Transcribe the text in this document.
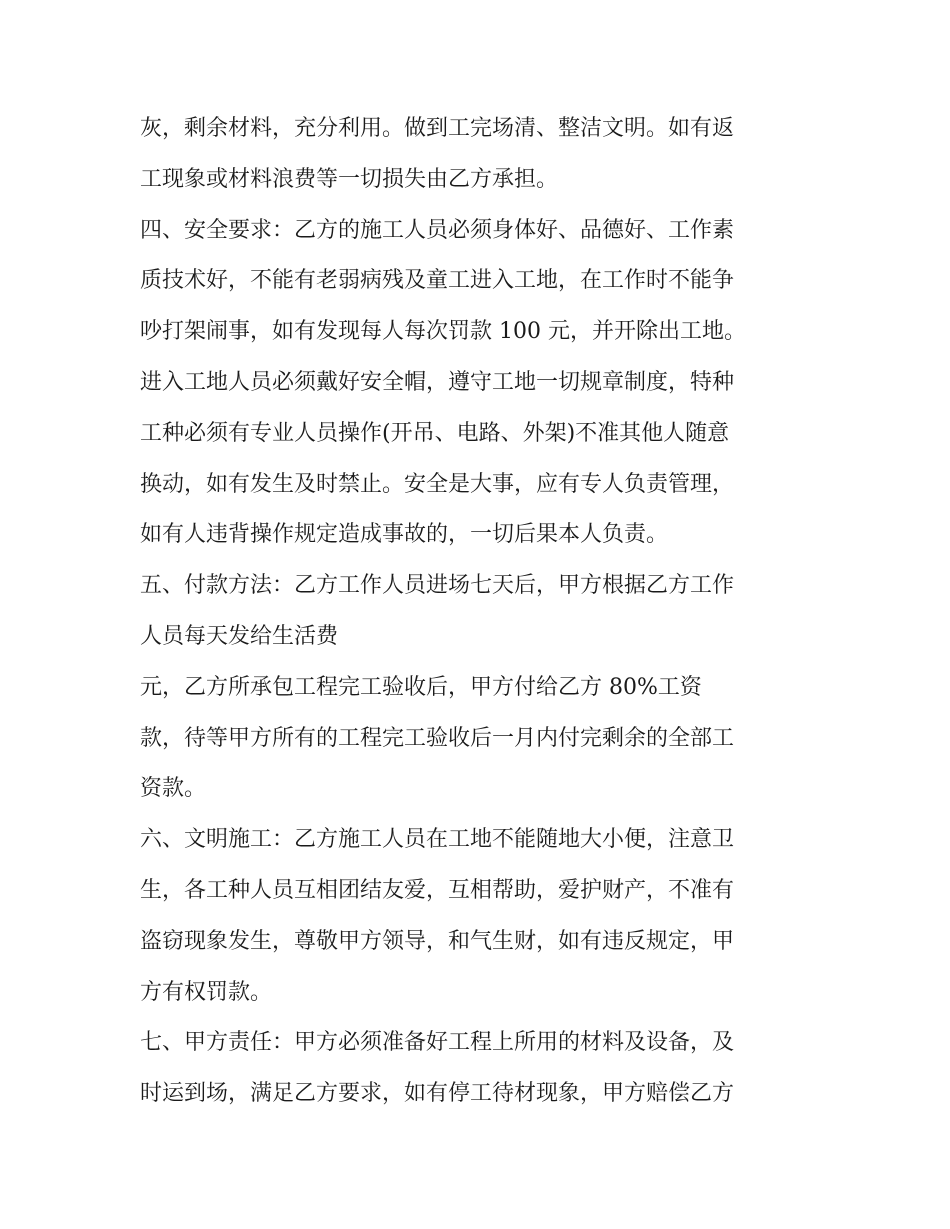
灰，剩余材料，充分利用。做到工完场清、整洁文明。如有返
工现象或材料浪费等一切损失由乙方承担。
四、安全要求：乙方的施工人员必须身体好、品德好、工作素
质技术好，不能有老弱病残及童工进入工地，在工作时不能争
吵打架闹事，如有发现每人每次罚款 100 元，并开除出工地。
进入工地人员必须戴好安全帽，遵守工地一切规章制度，特种
工种必须有专业人员操作(开吊、电路、外架)不准其他人随意
换动，如有发生及时禁止。安全是大事，应有专人负责管理，
如有人违背操作规定造成事故的，一切后果本人负责。
五、付款方法：乙方工作人员进场七天后，甲方根据乙方工作
人员每天发给生活费
元，乙方所承包工程完工验收后，甲方付给乙方 80%工资
款，待等甲方所有的工程完工验收后一月内付完剩余的全部工
资款。
六、文明施工：乙方施工人员在工地不能随地大小便，注意卫
生，各工种人员互相团结友爱，互相帮助，爱护财产，不准有
盗窃现象发生，尊敬甲方领导，和气生财，如有违反规定，甲
方有权罚款。
七、甲方责任：甲方必须准备好工程上所用的材料及设备，及
时运到场，满足乙方要求，如有停工待材现象，甲方赔偿乙方
